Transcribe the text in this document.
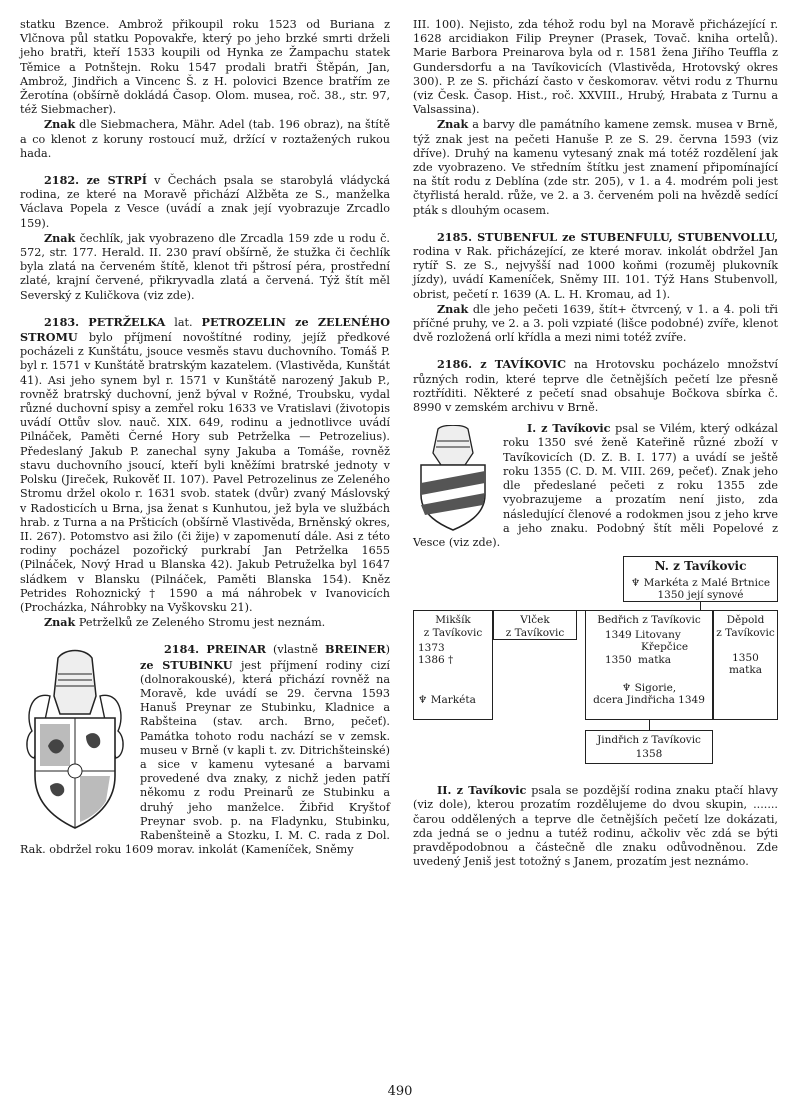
statku Bzence. Ambrož přikoupil roku 1523 od Buriana z Vlčnova půl statku Popovakře, který po jeho brzké smrti drželi jeho bratři, kteří 1533 koupili od Hynka ze Žampachu statek Těmice a Potnštejn. Roku 1547 prodali bratři Štěpán, Jan, Ambrož, Jindřich a Vincenc Š. z H. polovici Bzence bratřím ze Žerotína (obšírně dokládá Časop. Olom. musea, roč. 38., str. 97, též Siebmacher).

Znak dle Siebmachera, Mähr. Adel (tab. 196 obraz), na štítě a co klenot z koruny rostoucí muž, držící v roztažených rukou hada.

2182. ze STRPÍ v Čechách psala se starobylá vládycká rodina, ze které na Moravě přichází Alžběta ze S., manželka Václava Popela z Vesce (uvádí a znak její vyobrazuje Zrcadlo 159).

Znak čechlík, jak vyobrazeno dle Zrcadla 159 zde u rodu č. 572, str. 177. Herald. II. 230 praví obšírně, že stužka či čechlík byla zlatá na červeném štítě, klenot tři pštrosí péra, prostřední zlaté, krajní červené, přikryvadla zlatá a červená. Týž štít měl Severský z Kuličkova (viz zde).

2183. PETRŽELKA lat. PETROZELIN ze ZELENÉHO STROMU bylo příjmení novoštítné rodiny, jejíž předkové pocházeli z Kunštátu, jsouce vesměs stavu duchovního. Tomáš P. byl r. 1571 v Kunštátě bratrským kazatelem. (Vlastivěda, Kunštát 41). Asi jeho synem byl r. 1571 v Kunštátě narozený Jakub P., rovněž bratrský duchovní, jenž býval v Rožné, Troubsku, vydal různé duchovní spisy a zemřel roku 1633 ve Vratislavi (životopis uvádí Ottův slov. nauč. XIX. 649, rodinu a jednotlivce uvádí Pilnáček, Paměti Černé Hory sub Petrželka — Petrozelius). Předeslaný Jakub P. zanechal syny Jakuba a Tomáše, rovněž stavu duchovního jsoucí, kteří byli kněžími bratrské jednoty v Polsku (Jireček, Rukověť II. 107). Pavel Petrozelinus ze Zeleného Stromu držel okolo r. 1631 svob. statek (dvůr) zvaný Máslovský v Radosticích u Brna, jsa ženat s Kunhutou, jež byla ve službách hrab. z Turna a na Pršticích (obšírně Vlastivěda, Brněnský okres, II. 267). Potomstvo asi žilo (či žije) v zapomenutí dále. Asi z této rodiny pocházel pozořický purkrabí Jan Petrželka 1655 (Pilnáček, Nový Hrad u Blanska 42). Jakub Petruželka byl 1647 sládkem v Blansku (Pilnáček, Paměti Blanska 154). Kněz Petrides Rohoznický † 1590 a má náhrobek v Ivanovicích (Procházka, Náhrobky na Vyškovsku 21).

Znak Petrželků ze Zeleného Stromu jest neznám.

2184. PREINAR (vlastně BREINER) ze STUBINKU jest příjmení rodiny cizí (dolnorakouské), která přichází rovněž na Moravě, kde uvádí se 29. června 1593 Hanuš Preynar ze Stubinku, Kladnice a Rabšteina (stav. arch. Brno, pečeť). Památka tohoto rodu nachází se v zemsk. museu v Brně (v kapli t. zv. Ditrichšteinské) a sice v kamenu vytesané a barvami provedené dva znaky, z nichž jeden patří někomu z rodu Preinarů ze Stubinku a druhý jeho manželce. Žibřid Kryštof Preynar svob. p. na Fladynku, Stubinku, Rabenšteině a Stozku, I. M. C. rada z Dol. Rak. obdržel roku 1609 morav. inkolát (Kameníček, Sněmy

III. 100). Nejisto, zda téhož rodu byl na Moravě přicházející r. 1628 arcidiakon Filip Preyner (Prasek, Tovač. kniha ortelů). Marie Barbora Preinarova byla od r. 1581 žena Jiřího Teuffla z Gundersdorfu a na Tavíkovicích (Vlastivěda, Hrotovský okres 300). P. ze S. přichází často v českomorav. větvi rodu z Thurnu (viz Česk. Časop. Hist., roč. XXVIII., Hrubý, Hrabata z Turnu a Valsassina).

Znak a barvy dle památního kamene zemsk. musea v Brně, týž znak jest na pečeti Hanuše P. ze S. 29. června 1593 (viz dříve). Druhý na kamenu vytesaný znak má totéž rozdělení jak zde vyobrazeno. Ve středním štítku jest znamení připomínající na štít rodu z Deblína (zde str. 205), v 1. a 4. modrém poli jest čtyřlistá herald. růže, ve 2. a 3. červeném poli na hvězdě sedící pták s dlouhým ocasem.

2185. STUBENFUL ze STUBENFULU, STUBENVOLLU, rodina v Rak. přicházející, ze které morav. inkolát obdržel Jan rytíř S. ze S., nejvyšší nad 1000 koňmi (rozuměj plukovník jízdy), uvádí Kameníček, Sněmy III. 101. Týž Hans Stubenvoll, obrist, pečetí r. 1639 (A. L. H. Kromau, ad 1).

Znak dle jeho pečeti 1639, štít+ čtvrcený, v 1. a 4. poli tři příčné pruhy, ve 2. a 3. poli vzpiaté (lišce podobné) zvíře, klenot dvě rozložená orlí křídla a mezi nimi totéž zvíře.

2186. z TAVÍKOVIC na Hrotovsku pocházelo množství různých rodin, které teprve dle četnějších pečetí lze přesně roztříditi. Některé z pečetí snad obsahuje Bočkova sbírka č. 8990 v zemském archivu v Brně.

I. z Tavíkovic psal se Vilém, který odkázal roku 1350 své ženě Kateřině různé zboží v Tavíkovicích (D. Z. B. I. 177) a uvádí se ještě roku 1355 (C. D. M. VIII. 269, pečeť). Znak jeho dle předeslané pečeti z roku 1355 zde vyobrazujeme a prozatím není jisto, zda následující členové a rodokmen jsou z jeho krve a jeho znaku. Podobný štít měli Popelové z Vesce (viz zde).

N. z Tavíkovic
♆ Markéta z Malé Brtnice
1350 její synové
Mikšík
z Tavíkovic
1373
1386 †
♆ Markéta
Vlček
z Tavíkovic
Bedřich z Tavíkovic
1349 Litovany
Křepčice
1350 matka
♆ Sigorie,
dcera Jindřicha 1349
Děpold
z Tavíkovic
1350
matka
Jindřich z Tavíkovic
1358

II. z Tavíkovic psala se pozdější rodina znaku ptačí hlavy (viz dole), kterou prozatím rozdělujeme do dvou skupin, ....... čarou oddělených a teprve dle četnějších pečetí lze dokázati, zda jedná se o jednu a tutéž rodinu, ačkoliv věc zdá se býti pravděpodobnou a částečně dle znaku odůvodněnou. Zde uvedený Jeniš jest totožný s Janem, prozatím jest neznámo.

490
